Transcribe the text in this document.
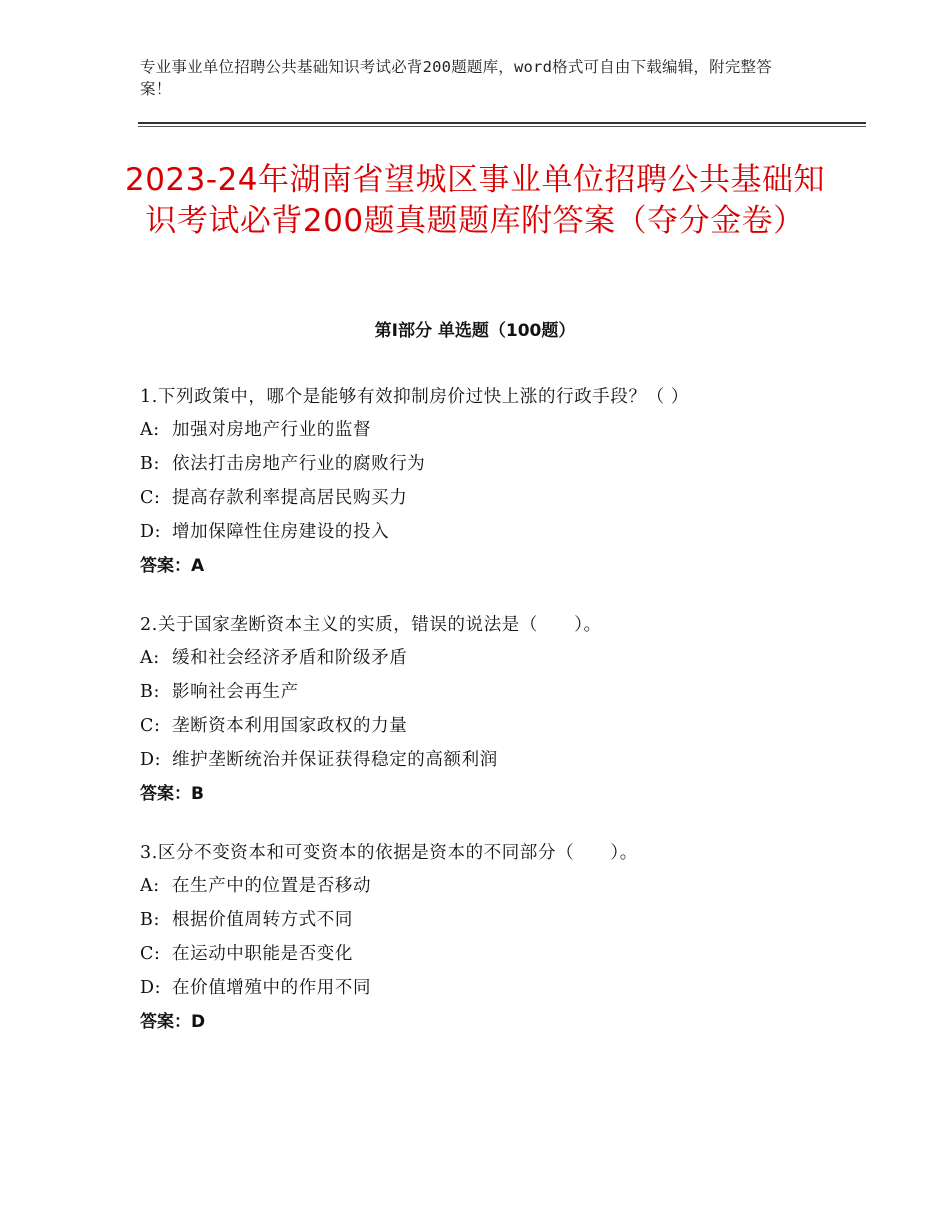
专业事业单位招聘公共基础知识考试必背200题题库，word格式可自由下载编辑，附完整答案！
2023-24年湖南省望城区事业单位招聘公共基础知识考试必背200题真题题库附答案（夺分金卷）
第Ⅰ部分 单选题（100题）
1.下列政策中，哪个是能够有效抑制房价过快上涨的行政手段？（ ）
A: 加强对房地产行业的监督
B: 依法打击房地产行业的腐败行为
C: 提高存款利率提高居民购买力
D: 增加保障性住房建设的投入
答案：A
2.关于国家垄断资本主义的实质，错误的说法是（　　）。
A: 缓和社会经济矛盾和阶级矛盾
B: 影响社会再生产
C: 垄断资本利用国家政权的力量
D: 维护垄断统治并保证获得稳定的高额利润
答案：B
3.区分不变资本和可变资本的依据是资本的不同部分（　　）。
A: 在生产中的位置是否移动
B: 根据价值周转方式不同
C: 在运动中职能是否变化
D: 在价值增殖中的作用不同
答案：D
